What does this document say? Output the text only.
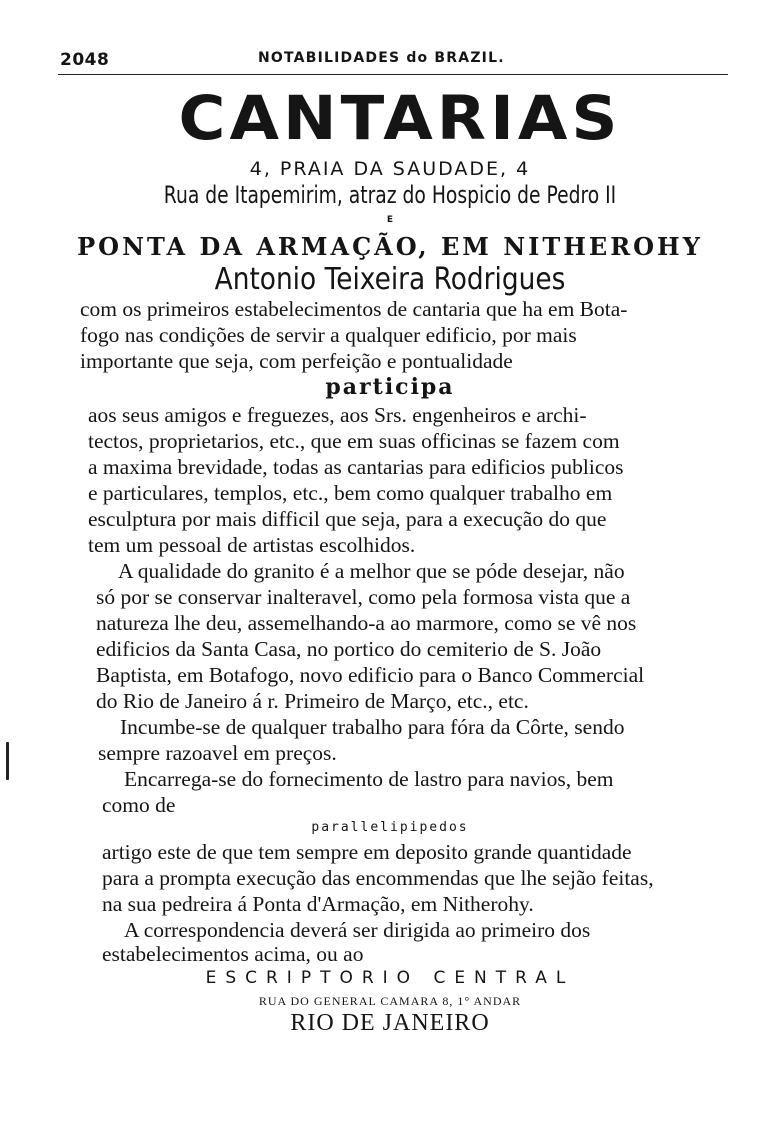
2048	NOTABILIDADES do BRAZIL.
CANTARIAS
4, PRAIA DA SAUDADE, 4
Rua de Itapemirim, atraz do Hospicio de Pedro II
E
PONTA DA ARMAÇÃO, EM NITHEROHY
Antonio Teixeira Rodrigues
com os primeiros estabelecimentos de cantaria que ha em Bota-
fogo nas condições de servir a qualquer edificio, por mais
importante que seja, com perfeição e pontualidade
participa
aos seus amigos e freguezes, aos Srs. engenheiros e archi-
tectos, proprietarios, etc., que em suas officinas se fazem com
a maxima brevidade, todas as cantarias para edificios publicos
e particulares, templos, etc., bem como qualquer trabalho em
esculptura por mais difficil que seja, para a execução do que
tem um pessoal de artistas escolhidos.
A qualidade do granito é a melhor que se póde desejar, não
só por se conservar inalteravel, como pela formosa vista que a
natureza lhe deu, assemelhando-a ao marmore, como se vê nos
edificios da Santa Casa, no portico do cemiterio de S. João
Baptista, em Botafogo, novo edificio para o Banco Commercial
do Rio de Janeiro á r. Primeiro de Março, etc., etc.
Incumbe-se de qualquer trabalho para fóra da Côrte, sendo
sempre razoavel em preços.
Encarrega-se do fornecimento de lastro para navios, bem
como de
parallelipipedos
artigo este de que tem sempre em deposito grande quantidade
para a prompta execução das encommendas que lhe sejão feitas,
na sua pedreira á Ponta d'Armação, em Nitherohy.
A correspondencia deverá ser dirigida ao primeiro dos
estabelecimentos acima, ou ao
ESCRIPTORIO CENTRAL
RUA DO GENERAL CAMARA 8, 1° ANDAR
RIO DE JANEIRO
